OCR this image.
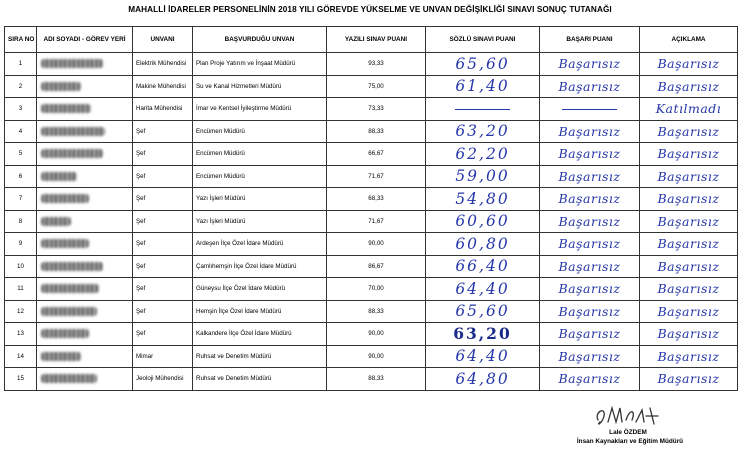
MAHALLİ İDARELER PERSONELİNİN 2018 YILI GÖREVDE YÜKSELME VE UNVAN DEĞİŞİKLİĞİ SINAVI SONUÇ TUTANAĞI
SIRA NO	ADI SOYADI - GÖREV YERİ	UNVANI	BAŞVURDUĞU UNVAN	YAZILI SINAV PUANI	SÖZLÜ SINAVI PUANI	BAŞARI PUANI	AÇIKLAMA
1		Elektrik Mühendisi	Plan Proje Yatırım ve İnşaat Müdürü	93,33	65,60	Başarısız	Başarısız
2		Makine Mühendisi	Su ve Kanal Hizmetleri Müdürü	75,00	61,40	Başarısız	Başarısız
3		Harita Mühendisi	İmar ve Kentsel İyileştirme Müdürü	73,33			Katılmadı
4		Şef	Encümen Müdürü	88,33	63,20	Başarısız	Başarısız
5		Şef	Encümen Müdürü	66,67	62,20	Başarısız	Başarısız
6		Şef	Encümen Müdürü	71,67	59,00	Başarısız	Başarısız
7		Şef	Yazı İşleri Müdürü	68,33	54,80	Başarısız	Başarısız
8		Şef	Yazı İşleri Müdürü	71,67	60,60	Başarısız	Başarısız
9		Şef	Ardeşen İlçe Özel İdare Müdürü	90,00	60,80	Başarısız	Başarısız
10		Şef	Çamlıhemşin İlçe Özel İdare Müdürü	86,67	66,40	Başarısız	Başarısız
11		Şef	Güneysu İlçe Özel İdare Müdürü	70,00	64,40	Başarısız	Başarısız
12		Şef	Hemşin İlçe Özel İdare Müdürü	88,33	65,60	Başarısız	Başarısız
13		Şef	Kalkandere İlçe Özel İdare Müdürü	90,00	63,20	Başarısız	Başarısız
14		Mimar	Ruhsat ve Denetim Müdürü	90,00	64,40	Başarısız	Başarısız
15		Jeoloji Mühendisi	Ruhsat ve Denetim Müdürü	88,33	64,80	Başarısız	Başarısız
Lale ÖZDEM
İnsan Kaynakları ve Eğitim Müdürü
